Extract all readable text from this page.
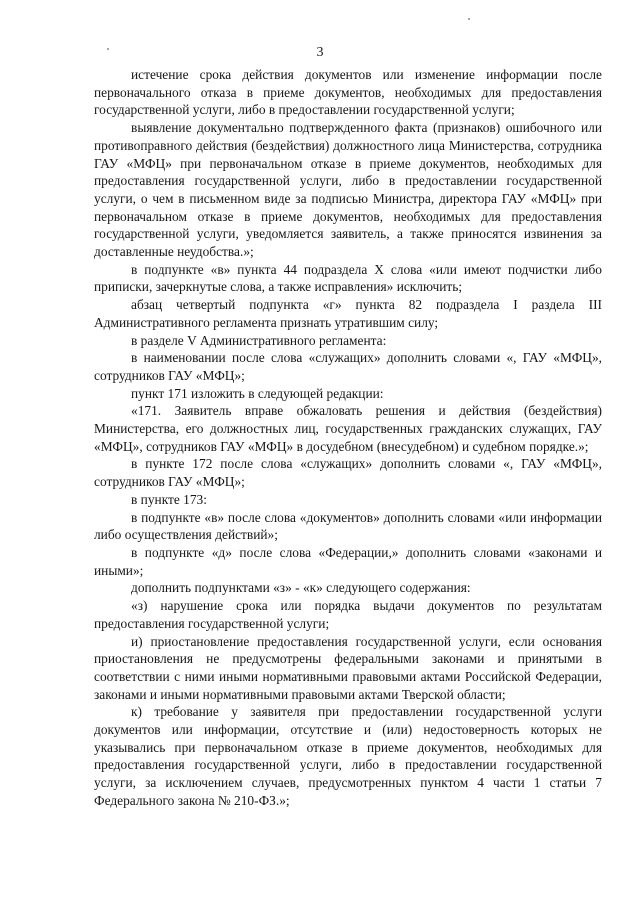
3

истечение срока действия документов или изменение информации после первоначального отказа в приеме документов, необходимых для предоставления государственной услуги, либо в предоставлении государственной услуги;

выявление документально подтвержденного факта (признаков) ошибочного или противоправного действия (бездействия) должностного лица Министерства, сотрудника ГАУ «МФЦ» при первоначальном отказе в приеме документов, необходимых для предоставления государственной услуги, либо в предоставлении государственной услуги, о чем в письменном виде за подписью Министра, директора ГАУ «МФЦ» при первоначальном отказе в приеме документов, необходимых для предоставления государственной услуги, уведомляется заявитель, а также приносятся извинения за доставленные неудобства.»;

в подпункте «в» пункта 44 подраздела X слова «или имеют подчистки либо приписки, зачеркнутые слова, а также исправления» исключить;

абзац четвертый подпункта «г» пункта 82 подраздела I раздела III Административного регламента признать утратившим силу;

в разделе V Административного регламента:

в наименовании после слова «служащих» дополнить словами «, ГАУ «МФЦ», сотрудников ГАУ «МФЦ»;

пункт 171 изложить в следующей редакции:

«171. Заявитель вправе обжаловать решения и действия (бездействия) Министерства, его должностных лиц, государственных гражданских служащих, ГАУ «МФЦ», сотрудников ГАУ «МФЦ» в досудебном (внесудебном) и судебном порядке.»;

в пункте 172 после слова «служащих» дополнить словами «, ГАУ «МФЦ», сотрудников ГАУ «МФЦ»;

в пункте 173:

в подпункте «в» после слова «документов» дополнить словами «или информации либо осуществления действий»;

в подпункте «д» после слова «Федерации,» дополнить словами «законами и иными»;

дополнить подпунктами «з» - «к» следующего содержания:

«з) нарушение срока или порядка выдачи документов по результатам предоставления государственной услуги;

и) приостановление предоставления государственной услуги, если основания приостановления не предусмотрены федеральными законами и принятыми в соответствии с ними иными нормативными правовыми актами Российской Федерации, законами и иными нормативными правовыми актами Тверской области;

к) требование у заявителя при предоставлении государственной услуги документов или информации, отсутствие и (или) недостоверность которых не указывались при первоначальном отказе в приеме документов, необходимых для предоставления государственной услуги, либо в предоставлении государственной услуги, за исключением случаев, предусмотренных пунктом 4 части 1 статьи 7 Федерального закона № 210-ФЗ.»;
